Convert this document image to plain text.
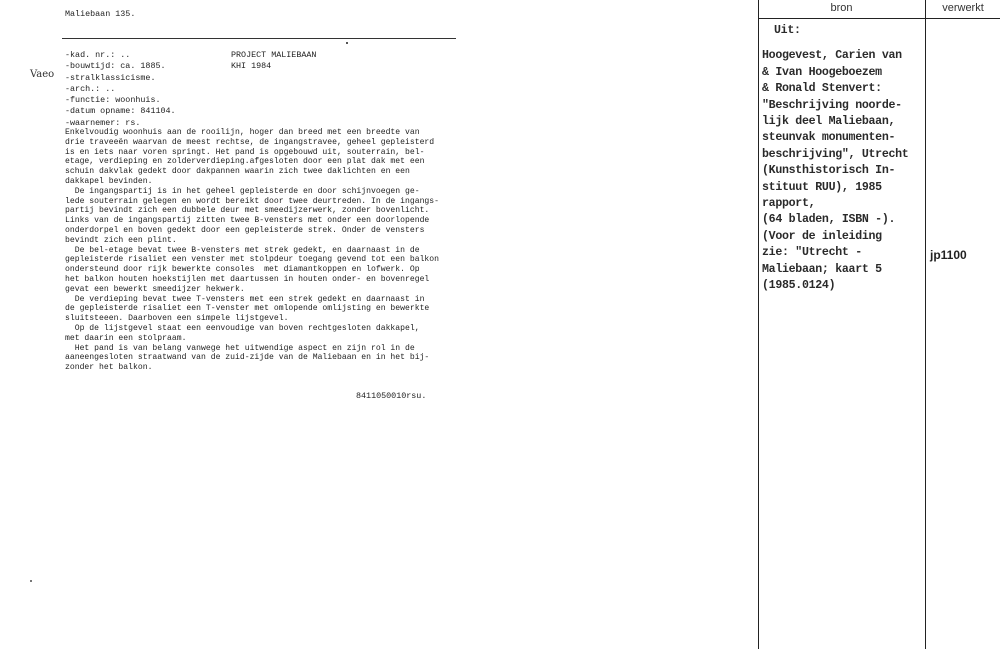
Maliebaan 135.
-kad. nr.: ..
-bouwtijd: ca. 1885.
-stralklassicisme.
-arch.: ..
-functie: woonhuis.
-datum opname: 841104.
-waarnemer: rs.
PROJECT MALIEBAAN
KHI 1984
Vaeo
Enkelvoudig woonhuis aan de rooilijn, hoger dan breed met een breedte van
drie traveeën waarvan de meest rechtse, de ingangstravee, geheel gepleisterd
is en iets naar voren springt. Het pand is opgebouwd uit, souterrain, bel-
etage, verdieping en zolderverdieping.afgesloten door een plat dak met een
schuin dakvlak gedekt door dakpannen waarin zich twee daklichten en een
dakkapel bevinden.
De ingangspartij is in het geheel gepleisterde en door schijnvoegen ge-
lede souterrain gelegen en wordt bereikt door twee deurtreden. In de ingangs-
partij bevindt zich een dubbele deur met smeedijzerwerk, zonder bovenlicht.
Links van de ingangspartij zitten twee B-vensters met onder een doorlopende
onderdorpel en boven gedekt door een gepleisterde strek. Onder de vensters
bevindt zich een plint.
De bel-etage bevat twee B-vensters met strek gedekt, en daarnaast in de
gepleisterde risaliet een venster met stolpdeur toegang gevend tot een balkon
ondersteund door rijk bewerkte consoles  met diamantkoppen en lofwerk. Op
het balkon houten hoekstijlen met daartussen in houten onder- en bovenregel
gevat een bewerkt smeedijzer hekwerk.
De verdieping bevat twee T-vensters met een strek gedekt en daarnaast in
de gepleisterde risaliet een T-venster met omlopende omlijsting en bewerkte
sluitsteeen. Daarboven een simpele lijstgevel.
Op de lijstgevel staat een eenvoudige van boven rechtgesloten dakkapel,
met daarin een stolpraam.
Het pand is van belang vanwege het uitwendige aspect en zijn rol in de
aaneengesloten straatwand van de zuid-zijde van de Maliebaan en in het bij-
zonder het balkon.
8411050010rsu.
bron	verwerkt
Uit:
Hoogevest, Carien van
& Ivan Hoogeboezem
& Ronald Stenvert:
"Beschrijving noorde-
lijk deel Maliebaan,
steunvak monumenten-
beschrijving", Utrecht
(Kunsthistorisch In-
stituut RUU), 1985
rapport,
(64 bladen, ISBN -).
(Voor de inleiding
zie: "Utrecht -
Maliebaan; kaart 5
(1985.0124)
jp1100
